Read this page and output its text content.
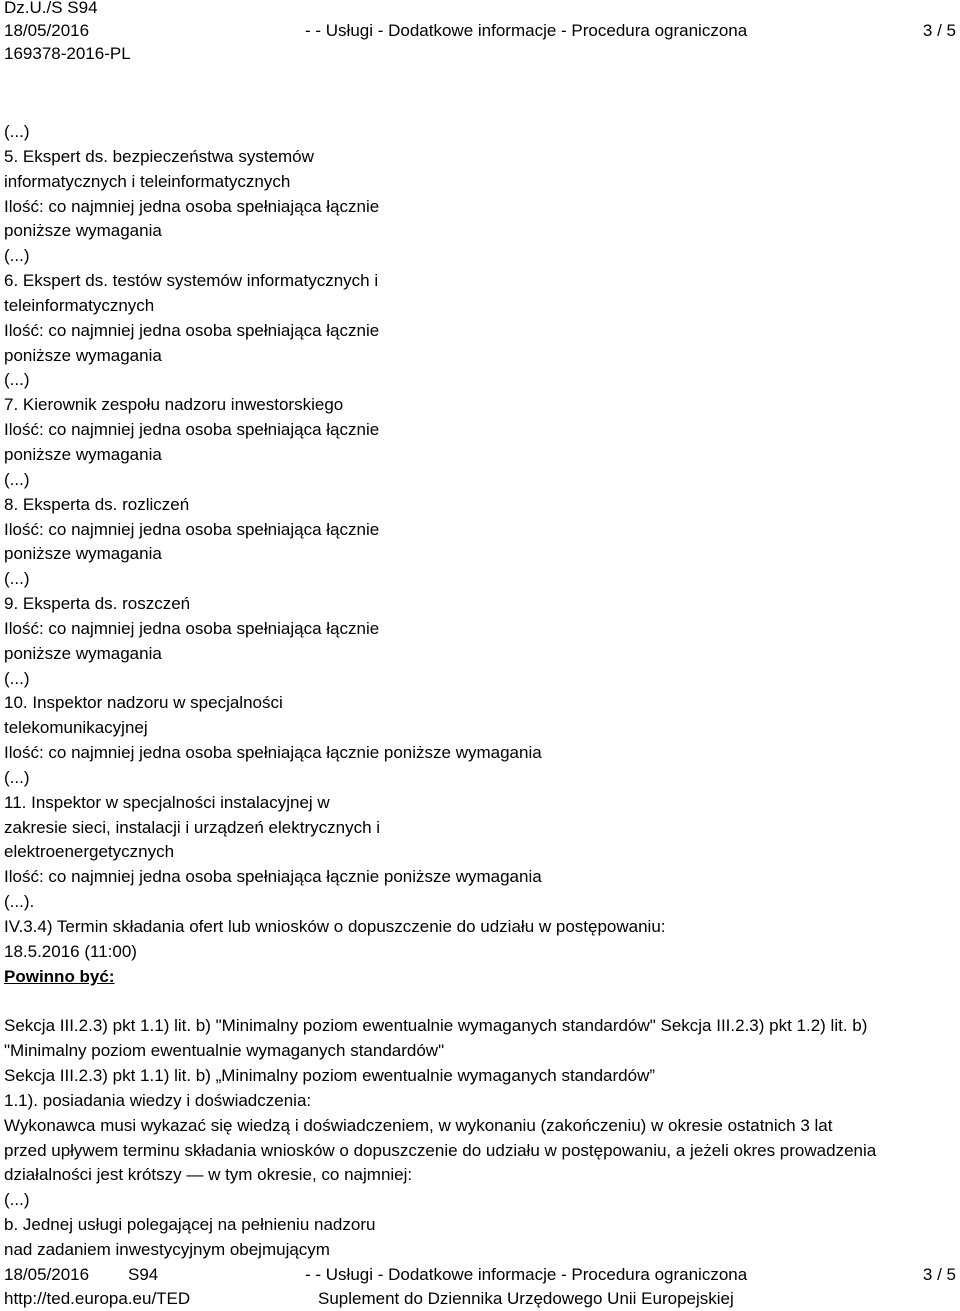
Dz.U./S S94
18/05/2016	- - Usługi - Dodatkowe informacje - Procedura ograniczona	3 / 5
169378-2016-PL
(...)
5. Ekspert ds. bezpieczeństwa systemów
informatycznych i teleinformatycznych
Ilość: co najmniej jedna osoba spełniająca łącznie
poniższe wymagania
(...)
6. Ekspert ds. testów systemów informatycznych i
teleinformatycznych
Ilość: co najmniej jedna osoba spełniająca łącznie
poniższe wymagania
(...)
7. Kierownik zespołu nadzoru inwestorskiego
Ilość: co najmniej jedna osoba spełniająca łącznie
poniższe wymagania
(...)
8. Eksperta ds. rozliczeń
Ilość: co najmniej jedna osoba spełniająca łącznie
poniższe wymagania
(...)
9. Eksperta ds. roszczeń
Ilość: co najmniej jedna osoba spełniająca łącznie
poniższe wymagania
(...)
10. Inspektor nadzoru w specjalności
telekomunikacyjnej
Ilość: co najmniej jedna osoba spełniająca łącznie poniższe wymagania
(...)
11. Inspektor w specjalności instalacyjnej w
zakresie sieci, instalacji i urządzeń elektrycznych i
elektroenergetycznych
Ilość: co najmniej jedna osoba spełniająca łącznie poniższe wymagania
(...).
IV.3.4) Termin składania ofert lub wniosków o dopuszczenie do udziału w postępowaniu:
18.5.2016 (11:00)
Powinno być:
Sekcja III.2.3) pkt 1.1) lit. b) "Minimalny poziom ewentualnie wymaganych standardów" Sekcja III.2.3) pkt 1.2) lit. b)
"Minimalny poziom ewentualnie wymaganych standardów"
Sekcja III.2.3) pkt 1.1) lit. b) „Minimalny poziom ewentualnie wymaganych standardów”
1.1). posiadania wiedzy i doświadczenia:
Wykonawca musi wykazać się wiedzą i doświadczeniem, w wykonaniu (zakończeniu) w okresie ostatnich 3 lat
przed upływem terminu składania wniosków o dopuszczenie do udziału w postępowaniu, a jeżeli okres prowadzenia
działalności jest krótszy — w tym okresie, co najmniej:
(...)
b. Jednej usługi polegającej na pełnieniu nadzoru
nad zadaniem inwestycyjnym obejmującym
18/05/2016 S94	- - Usługi - Dodatkowe informacje - Procedura ograniczona	3 / 5
http://ted.europa.eu/TED	Suplement do Dziennika Urzędowego Unii Europejskiej
